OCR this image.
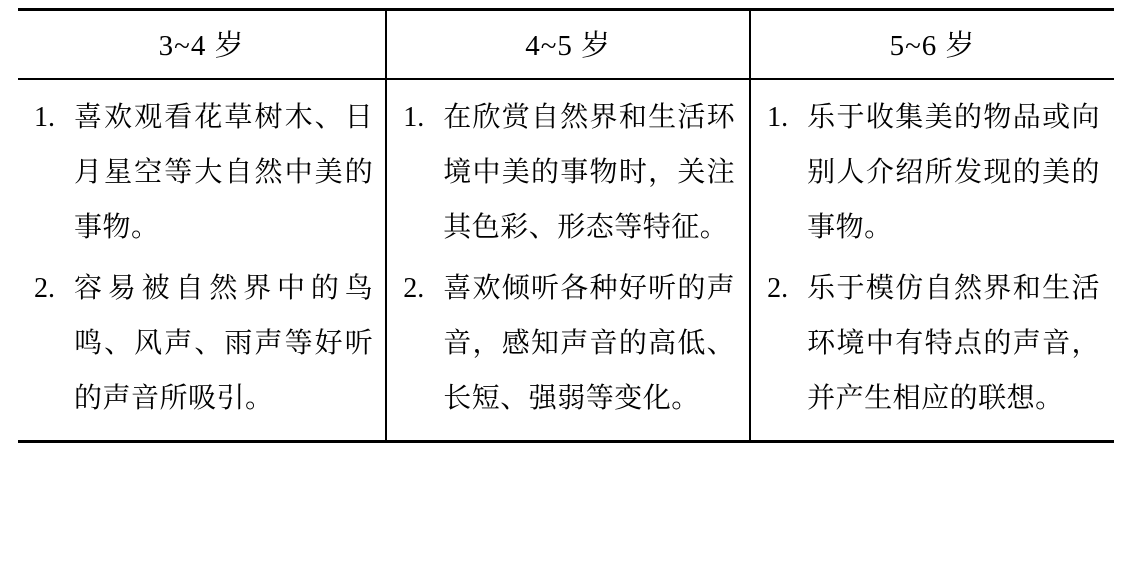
3~4 岁	4~5 岁	5~6 岁

1. 喜欢观看花草树木、日月星空等大自然中美的事物。
2. 容易被自然界中的鸟鸣、风声、雨声等好听的声音所吸引。

1. 在欣赏自然界和生活环境中美的事物时，关注其色彩、形态等特征。
2. 喜欢倾听各种好听的声音，感知声音的高低、长短、强弱等变化。

1. 乐于收集美的物品或向别人介绍所发现的美的事物。
2. 乐于模仿自然界和生活环境中有特点的声音，并产生相应的联想。
